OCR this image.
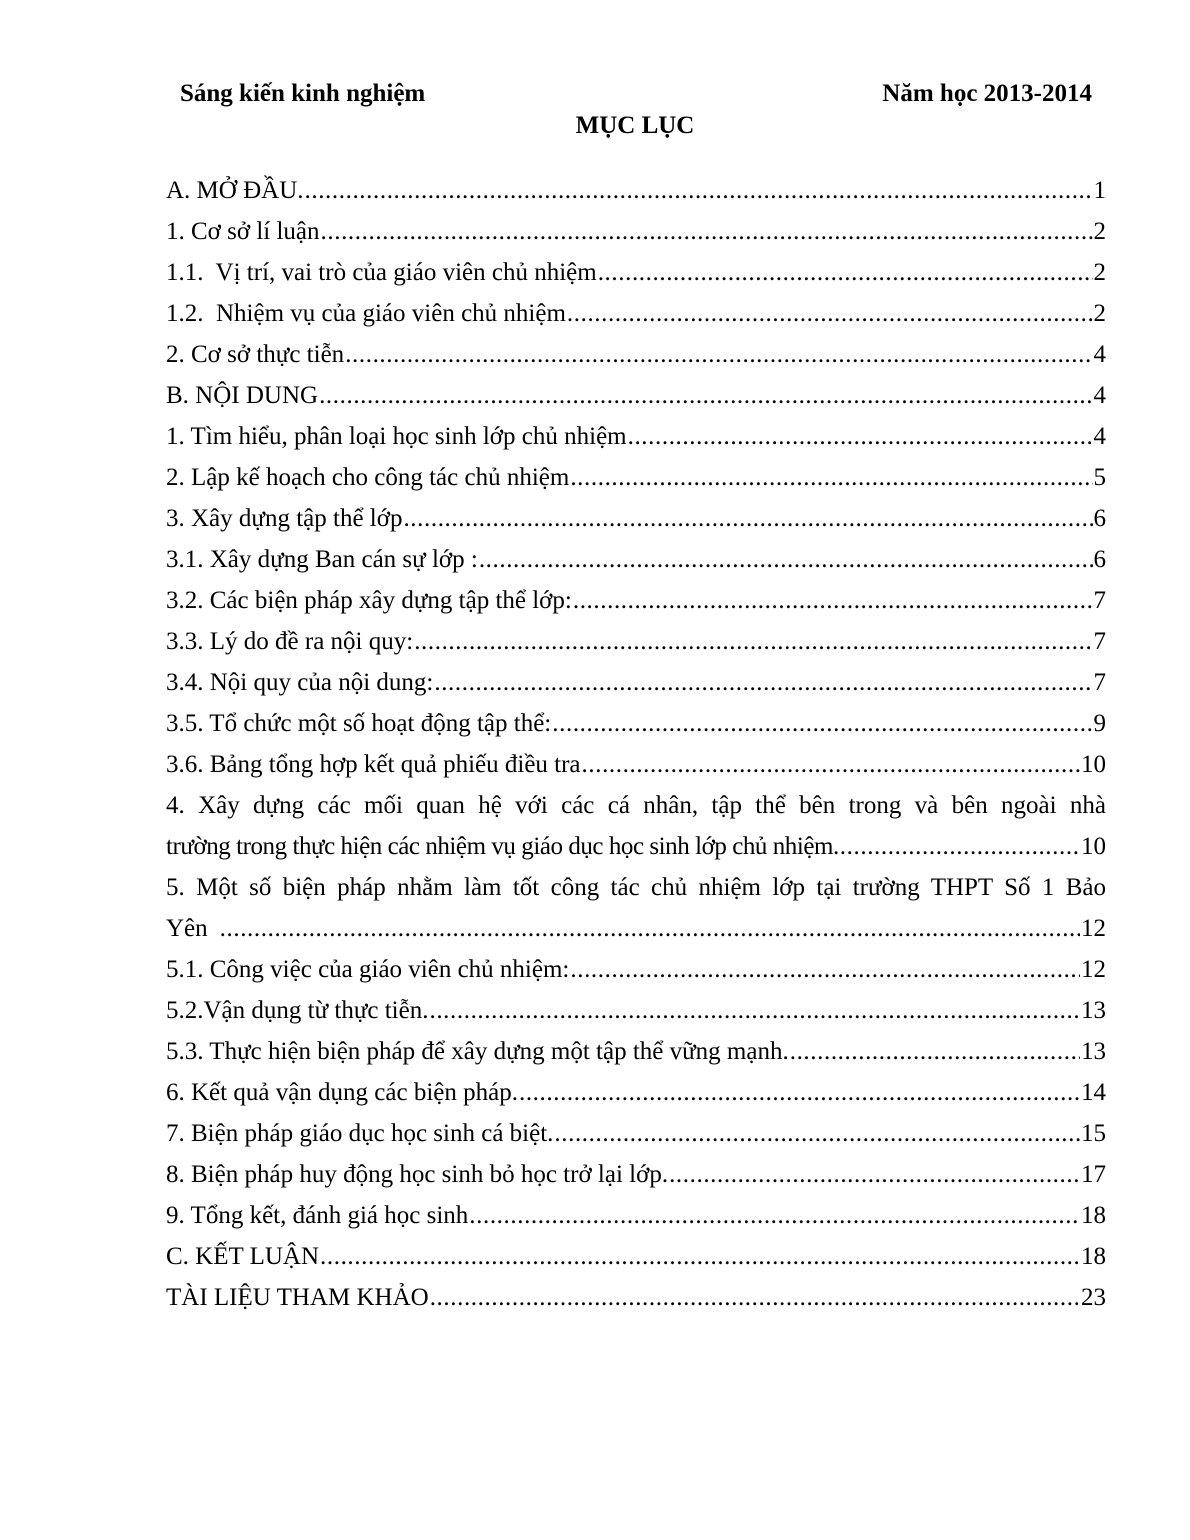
Sáng kiến kinh nghiệm	Năm học 2013-2014
MỤC LỤC
A. MỞ ĐẦU. .....	1
1. Cơ sở lí luận .....	2
1.1.  Vị trí, vai trò của giáo viên chủ nhiệm .....	2
1.2.  Nhiệm vụ của giáo viên chủ nhiệm .....	2
2. Cơ sở thực tiễn .....	4
B. NỘI DUNG .....	4
1. Tìm hiểu, phân loại học sinh lớp chủ nhiệm .....	4
2. Lập kế hoạch cho công tác chủ nhiệm .....	5
3. Xây dựng tập thể lớp .....	6
3.1. Xây dựng Ban cán sự lớp : .....	6
3.2. Các biện pháp xây dựng tập thể lớp: .....	7
3.3. Lý do đề ra nội quy: .....	7
3.4. Nội quy của nội dung: .....	7
3.5. Tổ chức một số hoạt động tập thể: .....	9
3.6. Bảng tổng hợp kết quả phiếu điều tra .....	10
4. Xây dựng các mối quan hệ với các cá nhân, tập thể bên trong và bên ngoài nhà
trường trong thực hiện các nhiệm vụ giáo dục học sinh lớp chủ nhiệm. .....	10
5. Một số biện pháp nhằm làm tốt công tác chủ nhiệm lớp tại trường THPT Số 1 Bảo
Yên .....	12
5.1. Công việc của giáo viên chủ nhiệm: .....	12
5.2.Vận dụng từ thực tiễn. .....	13
5.3. Thực hiện biện pháp để xây dựng một tập thể vững mạnh. .....	13
6. Kết quả vận dụng các biện pháp. .....	14
7. Biện pháp giáo dục học sinh cá biệt. .....	15
8. Biện pháp huy động học sinh bỏ học trở lại lớp. .....	17
9. Tổng kết, đánh giá học sinh .....	18
C. KẾT LUẬN .....	18
TÀI LIỆU THAM KHẢO .....	23
